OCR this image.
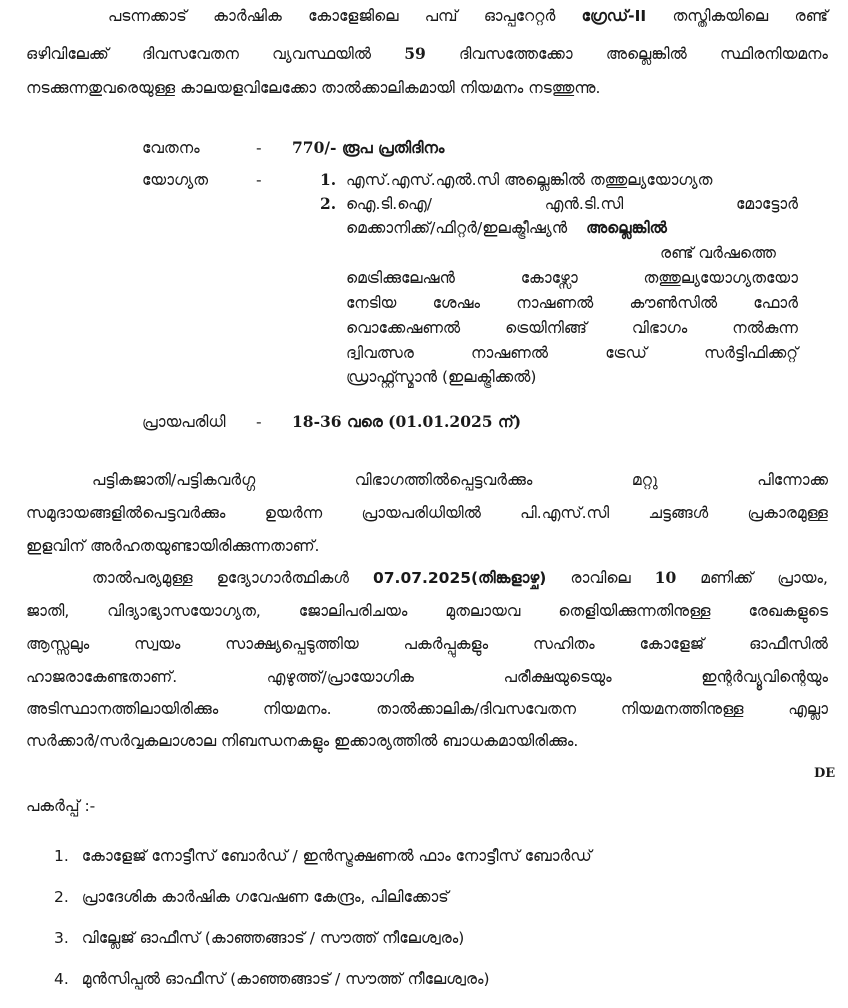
പടന്നക്കാട് കാർഷിക കോളേജിലെ പമ്പ് ഓപ്പറേറ്റർ ഗ്രേഡ്-II തസ്തികയിലെ രണ്ട്
ഒഴിവിലേക്ക് ദിവസവേതന വ്യവസ്ഥയിൽ 59 ദിവസത്തേക്കോ അല്ലെങ്കിൽ സ്ഥിരനിയമനം
നടക്കുന്നതുവരെയുള്ള കാലയളവിലേക്കോ താൽക്കാലികമായി നിയമനം നടത്തുന്നു.
വേതനം	- 770/- രൂപ പ്രതിദിനം
യോഗ്യത	-	1. എസ്.എസ്.എൽ.സി അല്ലെങ്കിൽ തത്തുല്യയോഗ്യത
2. ഐ.ടി.ഐ/	എൻ.ടി.സി	മോട്ടോർ
മെക്കാനിക്ക്/ഫിറ്റർ/ഇലക്ട്രീഷ്യൻ അല്ലെങ്കിൽ
രണ്ട് വർഷത്തെ
മെട്രിക്കുലേഷൻ	കോഴ്സോ	തത്തുല്യയോഗ്യതയോ
നേടിയ ശേഷം നാഷണൽ കൗൺസിൽ ഫോർ
വൊക്കേഷണൽ	ട്രെയിനിങ്ങ്	വിഭാഗം	നൽകുന്ന
ദ്വിവത്സര	നാഷണൽ	ട്രേഡ്	സർട്ടിഫിക്കറ്റ്
ഡ്രാഫ്റ്റ്സ്മാൻ (ഇലക്ട്രിക്കൽ)
പ്രായപരിധി - 18-36 വരെ (01.01.2025 ന്)
പട്ടികജാതി/പട്ടികവർഗ്ഗ	വിഭാഗത്തിൽപ്പെട്ടവർക്കും	മറ്റു	പിന്നോക്ക
സമുദായങ്ങളിൽപെട്ടവർക്കും	ഉയർന്ന	പ്രായപരിധിയിൽ	പി.എസ്.സി	ചട്ടങ്ങൾ	പ്രകാരമുള്ള
ഇളവിന് അർഹതയുണ്ടായിരിക്കുന്നതാണ്.
താൽപര്യമുള്ള ഉദ്യോഗാർത്ഥികൾ 07.07.2025(തിങ്കളാഴ്ച) രാവിലെ 10 മണിക്ക് പ്രായം,
ജാതി, വിദ്യാഭ്യാസയോഗ്യത, ജോലിപരിചയം മുതലായവ തെളിയിക്കുന്നതിനുള്ള രേഖകളുടെ
ആസ്സലും	സ്വയം	സാക്ഷ്യപ്പെടുത്തിയ	പകർപ്പുകളും	സഹിതം	കോളേജ്	ഓഫീസിൽ
ഹാജരാകേണ്ടതാണ്.	എഴുത്ത്/പ്രായോഗിക	പരീക്ഷയുടെയും	ഇന്റർവ്യൂവിന്റെയും
അടിസ്ഥാനത്തിലായിരിക്കും	നിയമനം.	താൽക്കാലിക/ദിവസവേതന	നിയമനത്തിനുള്ള	എല്ലാ
സർക്കാർ/സർവ്വകലാശാല നിബന്ധനകളും ഇക്കാര്യത്തിൽ ബാധകമായിരിക്കും.
DE
പകർപ്പ് :-
1. കോളേജ് നോട്ടീസ് ബോർഡ് / ഇൻസ്ട്രക്ഷണൽ ഫാം നോട്ടീസ് ബോർഡ്
2. പ്രാദേശിക കാർഷിക ഗവേഷണ കേന്ദ്രം, പിലിക്കോട്
3. വില്ലേജ് ഓഫീസ് (കാഞ്ഞങ്ങാട് / സൗത്ത് നീലേശ്വരം)
4. മുൻസിപ്പൽ ഓഫീസ് (കാഞ്ഞങ്ങാട് / സൗത്ത് നീലേശ്വരം)
